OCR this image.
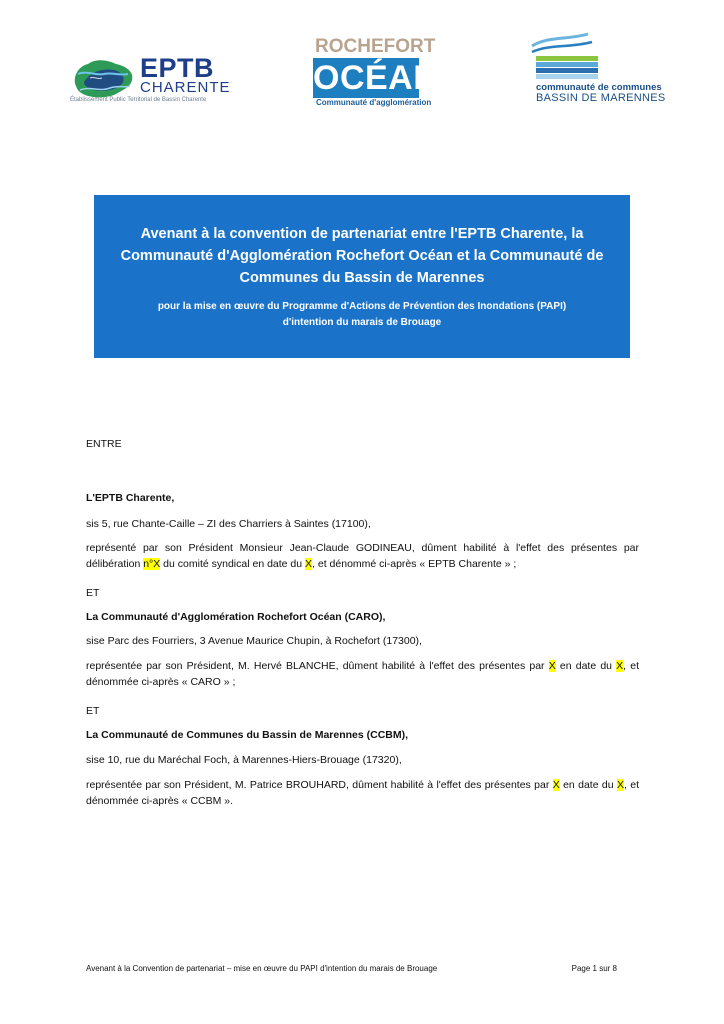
EPTB
CHARENTE
Établissement Public Territorial de Bassin Charente
ROCHEFORT
OCÉAN
Communauté d'agglomération
communauté de communes
BASSIN DE MARENNES
Avenant à la convention de partenariat entre l'EPTB Charente, la
Communauté d'Agglomération Rochefort Océan et la Communauté de
Communes du Bassin de Marennes
pour la mise en œuvre du Programme d'Actions de Prévention des Inondations (PAPI)
d'intention du marais de Brouage

ENTRE

L'EPTB Charente,

sis 5, rue Chante-Caille – ZI des Charriers à Saintes (17100),

représenté par son Président Monsieur Jean-Claude GODINEAU, dûment habilité à l'effet des présentes par délibération n°X du comité syndical en date du X, et dénommé ci-après « EPTB Charente » ;

ET

La Communauté d'Agglomération Rochefort Océan (CARO),

sise Parc des Fourriers, 3 Avenue Maurice Chupin, à Rochefort (17300),

représentée par son Président, M. Hervé BLANCHE, dûment habilité à l'effet des présentes par X en date du X, et dénommée ci-après « CARO » ;

ET

La Communauté de Communes du Bassin de Marennes (CCBM),

sise 10, rue du Maréchal Foch, à Marennes-Hiers-Brouage (17320),

représentée par son Président, M. Patrice BROUHARD, dûment habilité à l'effet des présentes par X en date du X, et dénommée ci-après « CCBM ».

Avenant à la Convention de partenariat – mise en œuvre du PAPI d'intention du marais de Brouage	Page 1 sur 8
